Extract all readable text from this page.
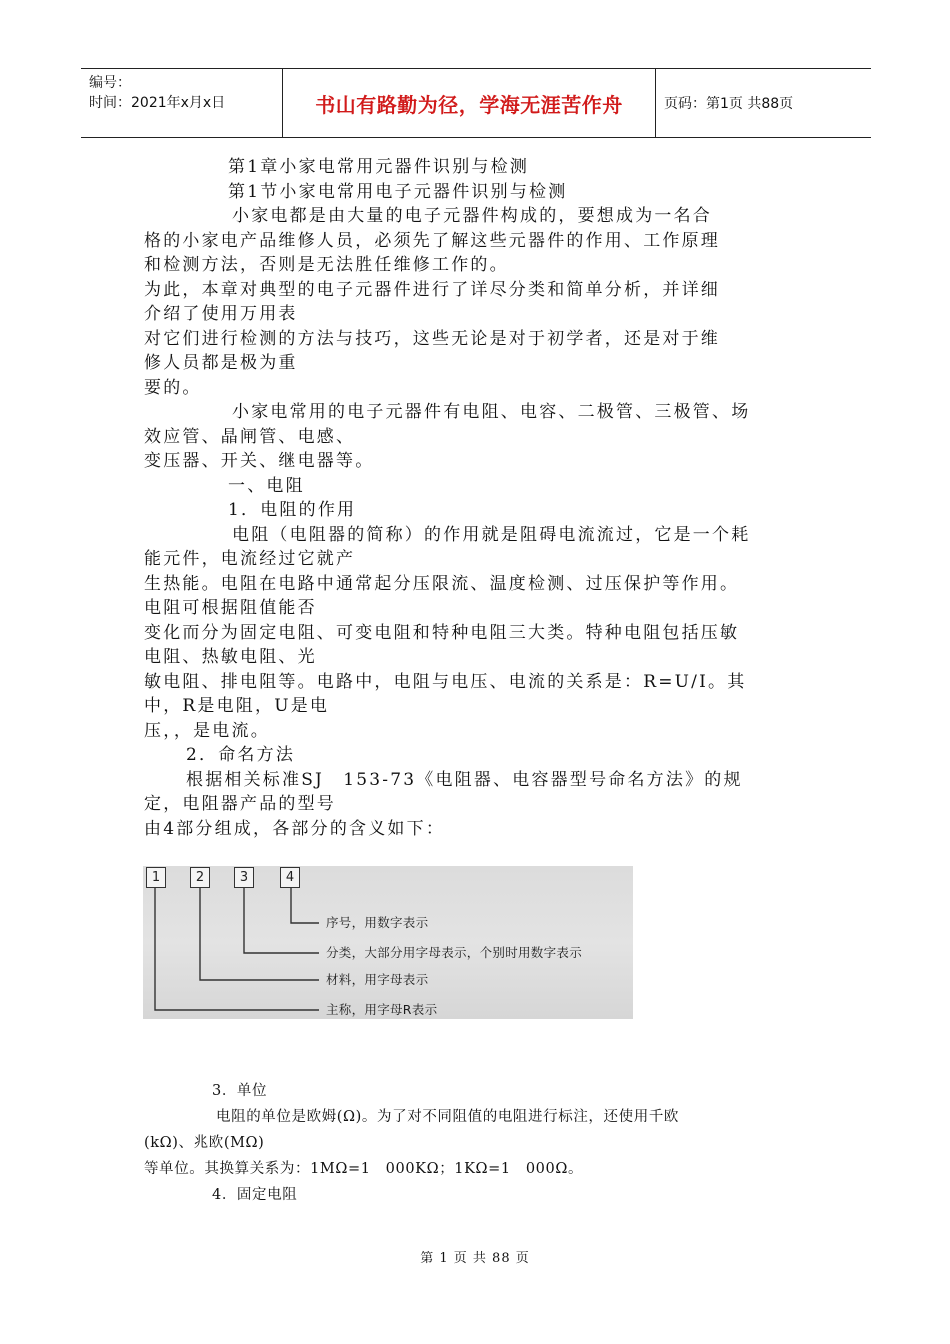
编号：
时间：2021年x月x日	书山有路勤为径，学海无涯苦作舟	页码：第1页 共88页
第1章小家电常用元器件识别与检测
第1节小家电常用电子元器件识别与检测
小家电都是由大量的电子元器件构成的，要想成为一名合
格的小家电产品维修人员，必须先了解这些元器件的作用、工作原理
和检测方法，否则是无法胜任维修工作的。
为此，本章对典型的电子元器件进行了详尽分类和简单分析，并详细
介绍了使用万用表
对它们进行检测的方法与技巧，这些无论是对于初学者，还是对于维
修人员都是极为重
要的。
小家电常用的电子元器件有电阻、电容、二极管、三极管、场
效应管、晶闸管、电感、
变压器、开关、继电器等。
一、电阻
1．电阻的作用
电阻（电阻器的简称）的作用就是阻碍电流流过，它是一个耗
能元件，电流经过它就产
生热能。电阻在电路中通常起分压限流、温度检测、过压保护等作用。
电阻可根据阻值能否
变化而分为固定电阻、可变电阻和特种电阻三大类。特种电阻包括压敏
电阻、热敏电阻、光
敏电阻、排电阻等。电路中，电阻与电压、电流的关系是：R=U/I。其
中，R是电阻，U是电
压，，是电流。
2．命名方法
根据相关标准SJ　153-73《电阻器、电容器型号命名方法》的规
定，电阻器产品的型号
由4部分组成，各部分的含义如下：
1	2	3	4
序号，用数字表示
分类，大部分用字母表示，个别时用数字表示
材料，用字母表示
主称，用字母R表示
3．单位
电阻的单位是欧姆(Ω)。为了对不同阻值的电阻进行标注，还使用千欧
(kΩ)、兆欧(MΩ)
等单位。其换算关系为：1MΩ=1　000KΩ；1KΩ=1　000Ω。
4．固定电阻
第 1 页 共 88 页
